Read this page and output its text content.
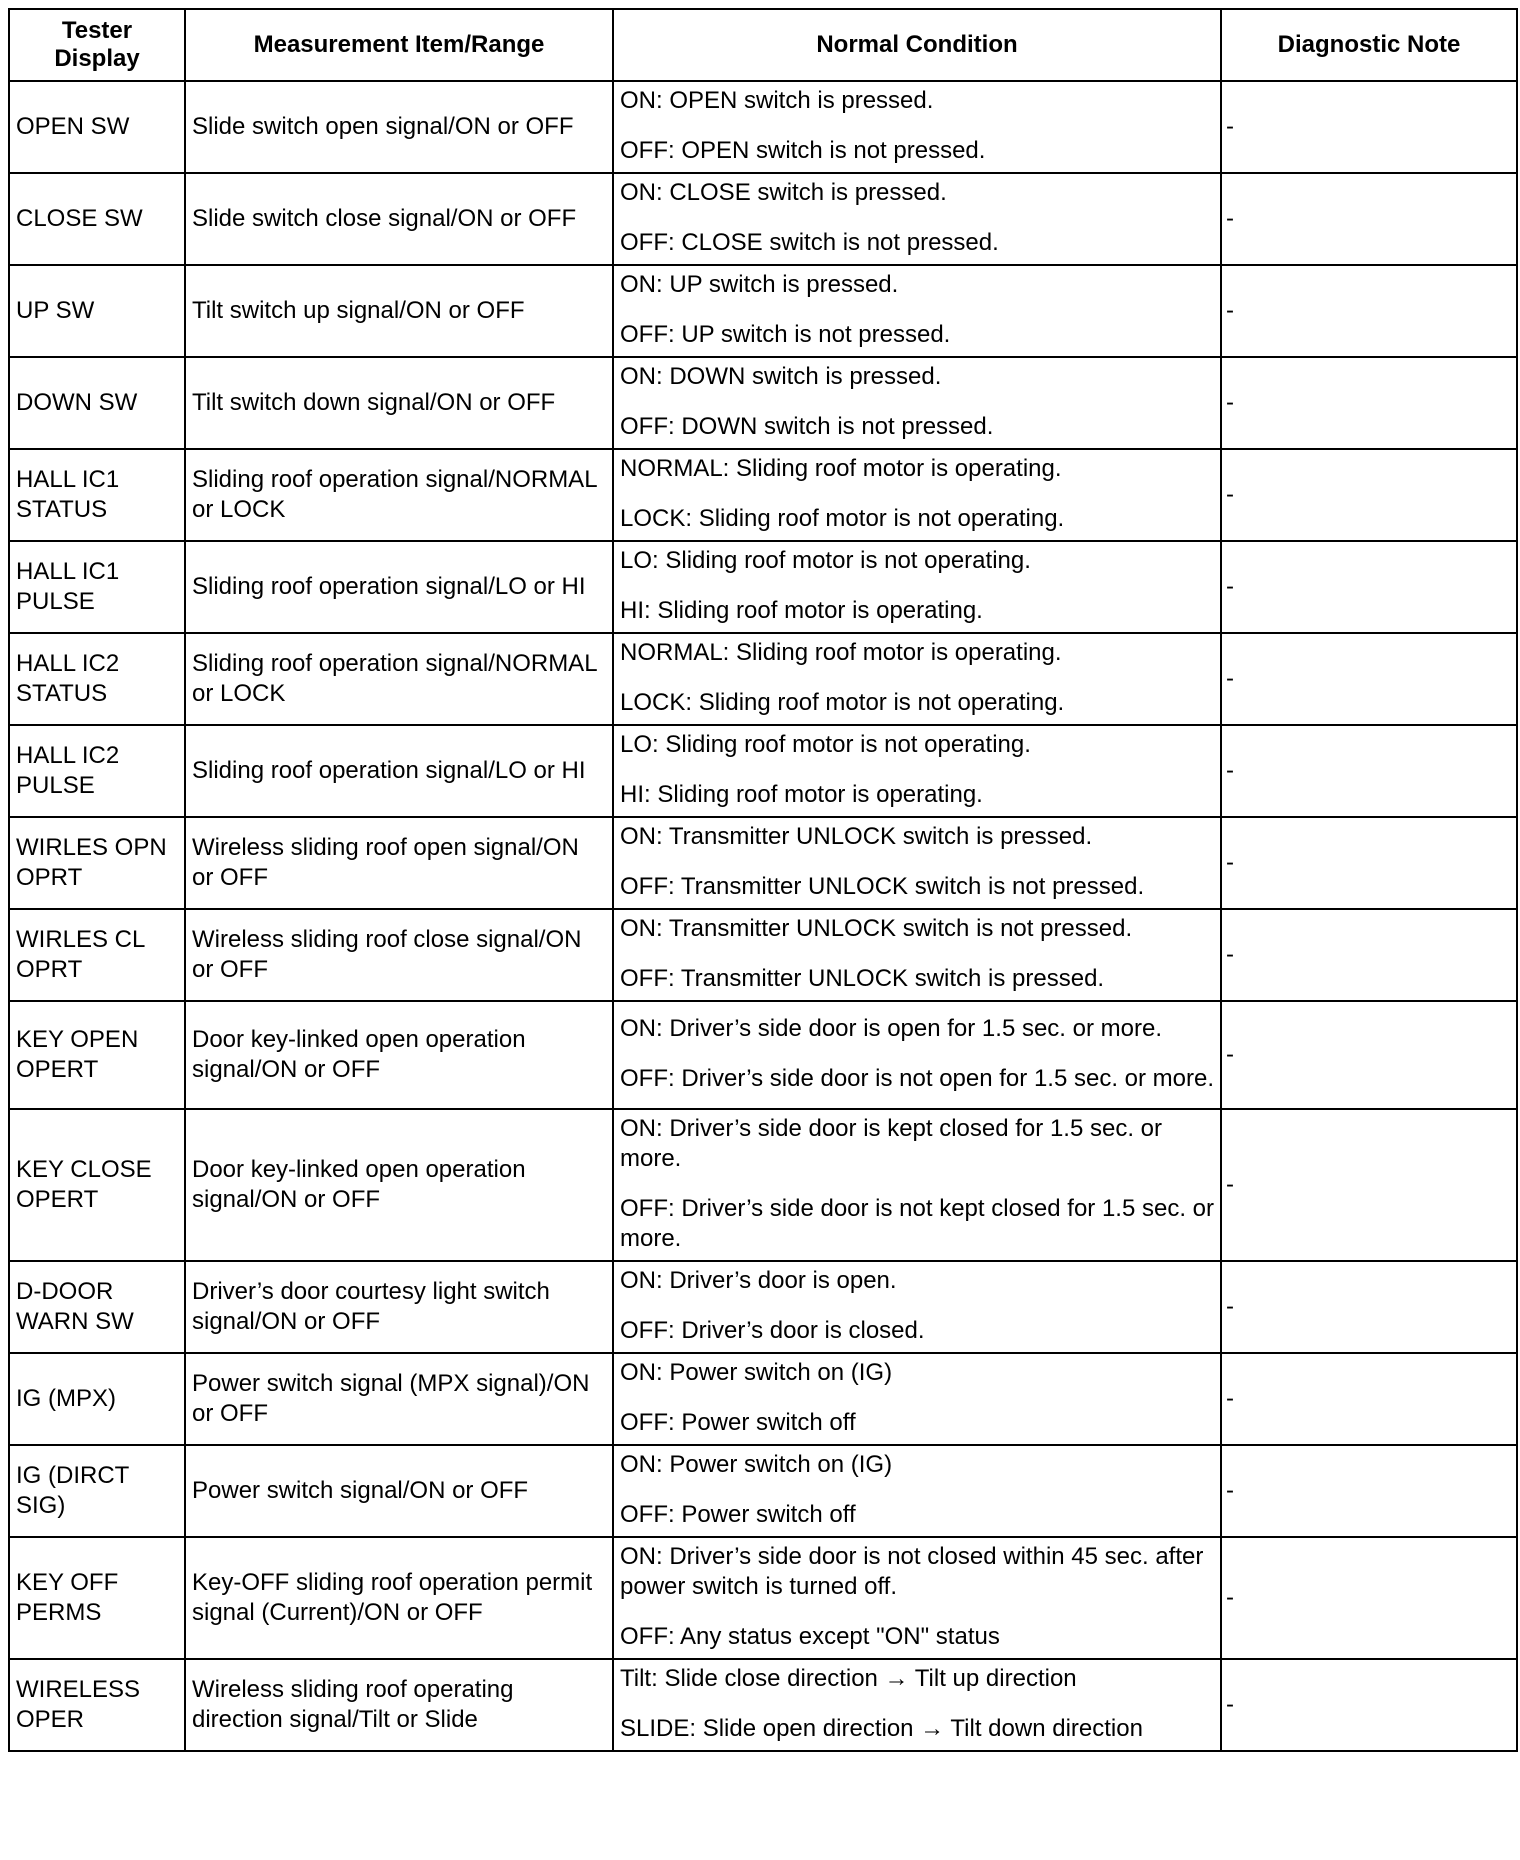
Tester Display	Measurement Item/Range	Normal Condition	Diagnostic Note
OPEN SW	Slide switch open signal/ON or OFF	ON: OPEN switch is pressed.
OFF: OPEN switch is not pressed.	-
CLOSE SW	Slide switch close signal/ON or OFF	ON: CLOSE switch is pressed.
OFF: CLOSE switch is not pressed.	-
UP SW	Tilt switch up signal/ON or OFF	ON: UP switch is pressed.
OFF: UP switch is not pressed.	-
DOWN SW	Tilt switch down signal/ON or OFF	ON: DOWN switch is pressed.
OFF: DOWN switch is not pressed.	-
HALL IC1 STATUS	Sliding roof operation signal/NORMAL or LOCK	NORMAL: Sliding roof motor is operating.
LOCK: Sliding roof motor is not operating.	-
HALL IC1 PULSE	Sliding roof operation signal/LO or HI	LO: Sliding roof motor is not operating.
HI: Sliding roof motor is operating.	-
HALL IC2 STATUS	Sliding roof operation signal/NORMAL or LOCK	NORMAL: Sliding roof motor is operating.
LOCK: Sliding roof motor is not operating.	-
HALL IC2 PULSE	Sliding roof operation signal/LO or HI	LO: Sliding roof motor is not operating.
HI: Sliding roof motor is operating.	-
WIRLES OPN OPRT	Wireless sliding roof open signal/ON or OFF	ON: Transmitter UNLOCK switch is pressed.
OFF: Transmitter UNLOCK switch is not pressed.	-
WIRLES CL OPRT	Wireless sliding roof close signal/ON or OFF	ON: Transmitter UNLOCK switch is not pressed.
OFF: Transmitter UNLOCK switch is pressed.	-
KEY OPEN OPERT	Door key-linked open operation signal/ON or OFF	ON: Driver’s side door is open for 1.5 sec. or more.
OFF: Driver’s side door is not open for 1.5 sec. or more.	-
KEY CLOSE OPERT	Door key-linked open operation signal/ON or OFF	ON: Driver’s side door is kept closed for 1.5 sec. or more.
OFF: Driver’s side door is not kept closed for 1.5 sec. or more.	-
D-DOOR WARN SW	Driver’s door courtesy light switch signal/ON or OFF	ON: Driver’s door is open.
OFF: Driver’s door is closed.	-
IG (MPX)	Power switch signal (MPX signal)/ON or OFF	ON: Power switch on (IG)
OFF: Power switch off	-
IG (DIRCT SIG)	Power switch signal/ON or OFF	ON: Power switch on (IG)
OFF: Power switch off	-
KEY OFF PERMS	Key-OFF sliding roof operation permit signal (Current)/ON or OFF	ON: Driver’s side door is not closed within 45 sec. after power switch is turned off.
OFF: Any status except "ON" status	-
WIRELESS OPER	Wireless sliding roof operating direction signal/Tilt or Slide	Tilt: Slide close direction → Tilt up direction
SLIDE: Slide open direction → Tilt down direction	-
